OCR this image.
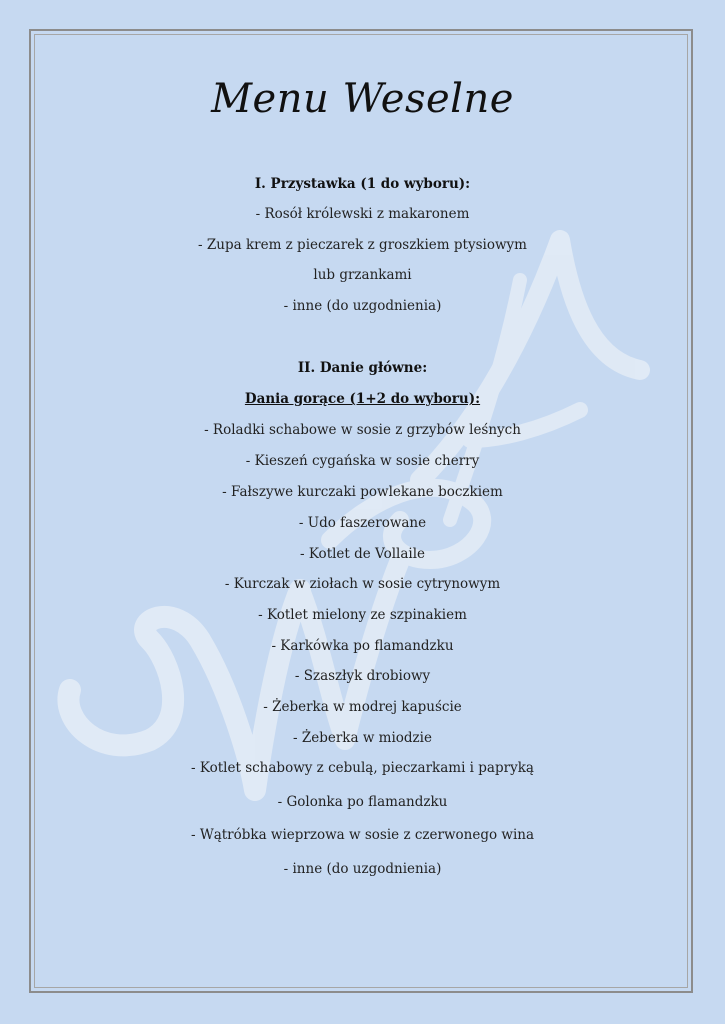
Menu Weselne
I. Przystawka (1 do wyboru):
- Rosół królewski z makaronem
- Zupa krem z pieczarek z groszkiem ptysiowym
lub grzankami
- inne (do uzgodnienia)
II. Danie główne:
Dania gorące (1+2 do wyboru):
- Roladki schabowe w sosie z grzybów leśnych
- Kieszeń cygańska w sosie cherry
- Fałszywe kurczaki powlekane boczkiem
- Udo faszerowane
- Kotlet de Vollaile
- Kurczak w ziołach w sosie cytrynowym
- Kotlet mielony ze szpinakiem
- Karkówka po flamandzku
- Szaszłyk drobiowy
- Żeberka w modrej kapuście
- Żeberka w miodzie
- Kotlet schabowy z cebulą, pieczarkami i papryką
- Golonka po flamandzku
- Wątróbka wieprzowa w sosie z czerwonego wina
- inne (do uzgodnienia)
